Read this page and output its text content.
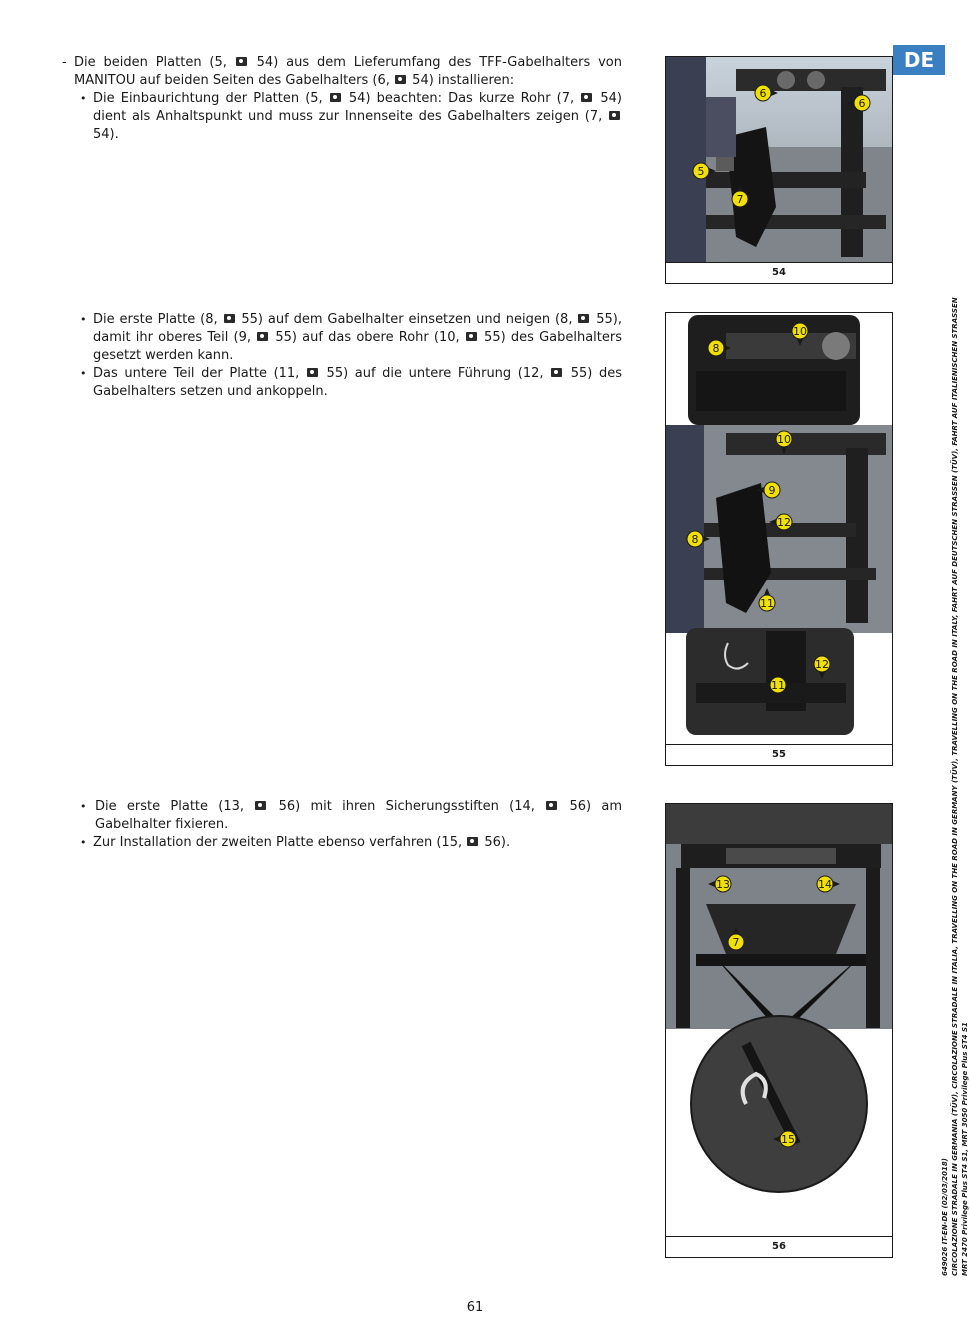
DE
- Die beiden Platten (5,  54) aus dem Lieferumfang des TFF-Gabelhalters von MANITOU auf beiden Seiten des Gabelhalters (6,  54) installieren:
• Die Einbaurichtung der Platten (5,  54) beachten: Das kurze Rohr (7,  54) dient als Anhaltspunkt und muss zur Innenseite des Gabelhalters zeigen (7,  54).
• Die erste Platte (8,  55) auf dem Gabelhalter einsetzen und neigen (8,  55), damit ihr oberes Teil (9,  55) auf das obere Rohr (10,  55) des Gabelhalters gesetzt werden kann.
• Das untere Teil der Platte (11,  55) auf die untere Führung (12,  55) des Gabelhalters setzen und ankoppeln.
• Die erste Platte (13,  56) mit ihren Sicherungsstiften (14,  56) am Gabelhalter fixieren.
• Zur Installation der zweiten Platte ebenso verfahren (15,  56).
6
6
5
7
54
10
8
10
9
12
8
11
12
11
55
13	14
7
15
56	649026 IT-EN-DE (02/03/2018) CIRCOLAZIONE STRADALE IN GERMANIA (TÜV), CIRCOLAZIONE STRADALE IN ITALIA, TRAVELLING ON THE ROAD IN GERMANY (TÜV), TRAVELLING ON THE ROAD IN ITALY, FAHRT AUF DEUTSCHEN STRASSEN (TÜV), FAHRT AUF ITALIENISCHEN STRASSEN MRT 2470 Privilege Plus ST4 S1, MRT 3050 Privilege Plus ST4 S1
61
